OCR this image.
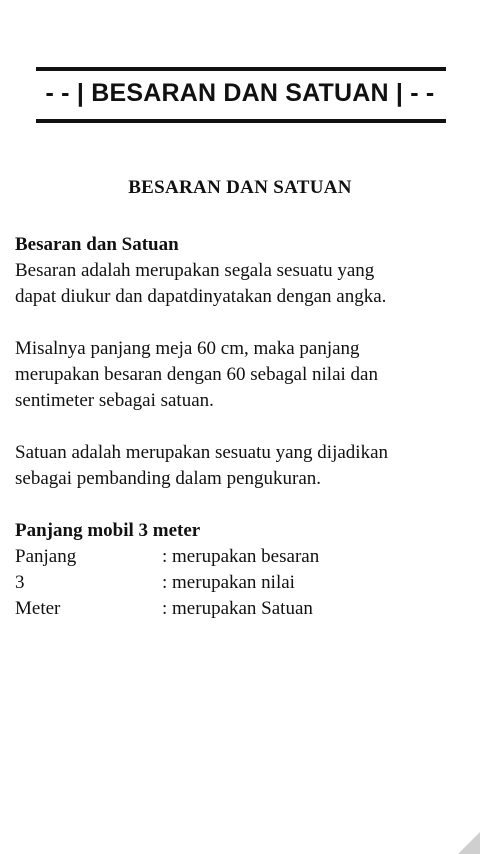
- - | BESARAN DAN SATUAN | - -
BESARAN DAN SATUAN

Besaran dan Satuan

Besaran adalah merupakan segala sesuatu yang

dapat diukur dan dapatdinyatakan dengan angka.

Misalnya panjang meja 60 cm, maka panjang

merupakan besaran dengan 60 sebagal nilai dan

sentimeter sebagai satuan.

Satuan adalah merupakan sesuatu yang dijadikan

sebagai pembanding dalam pengukuran.

Panjang mobil 3 meter

Panjang	: merupakan besaran
3	: merupakan nilai
Meter	: merupakan Satuan
